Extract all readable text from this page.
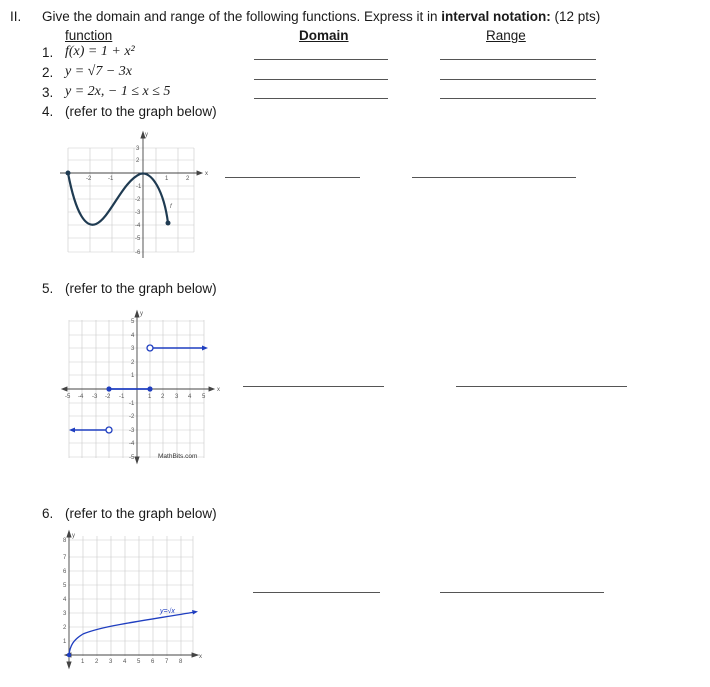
II. Give the domain and range of the following functions. Express it in interval notation: (12 pts)
function	Domain	Range
1. f(x) = 1 + x²
2. y = √7 − 3x
3. y = 2x, − 1 ≤ x ≤ 5
4. (refer to the graph below)
x
y
-2	-1	1	2
3
2
-1
-2
-3
-4
-5
-6
f
5. (refer to the graph below)
x
y
-5 -4 -3 -2 -1	1 2 3 4 5
5
4
3
2
1
-1
-2
-3
-4
-5	MathBits.com
6. (refer to the graph below)
x
y
1 2 3 4 5 6 7 8
8
7
6
5
4
3
2
1
y=√x
